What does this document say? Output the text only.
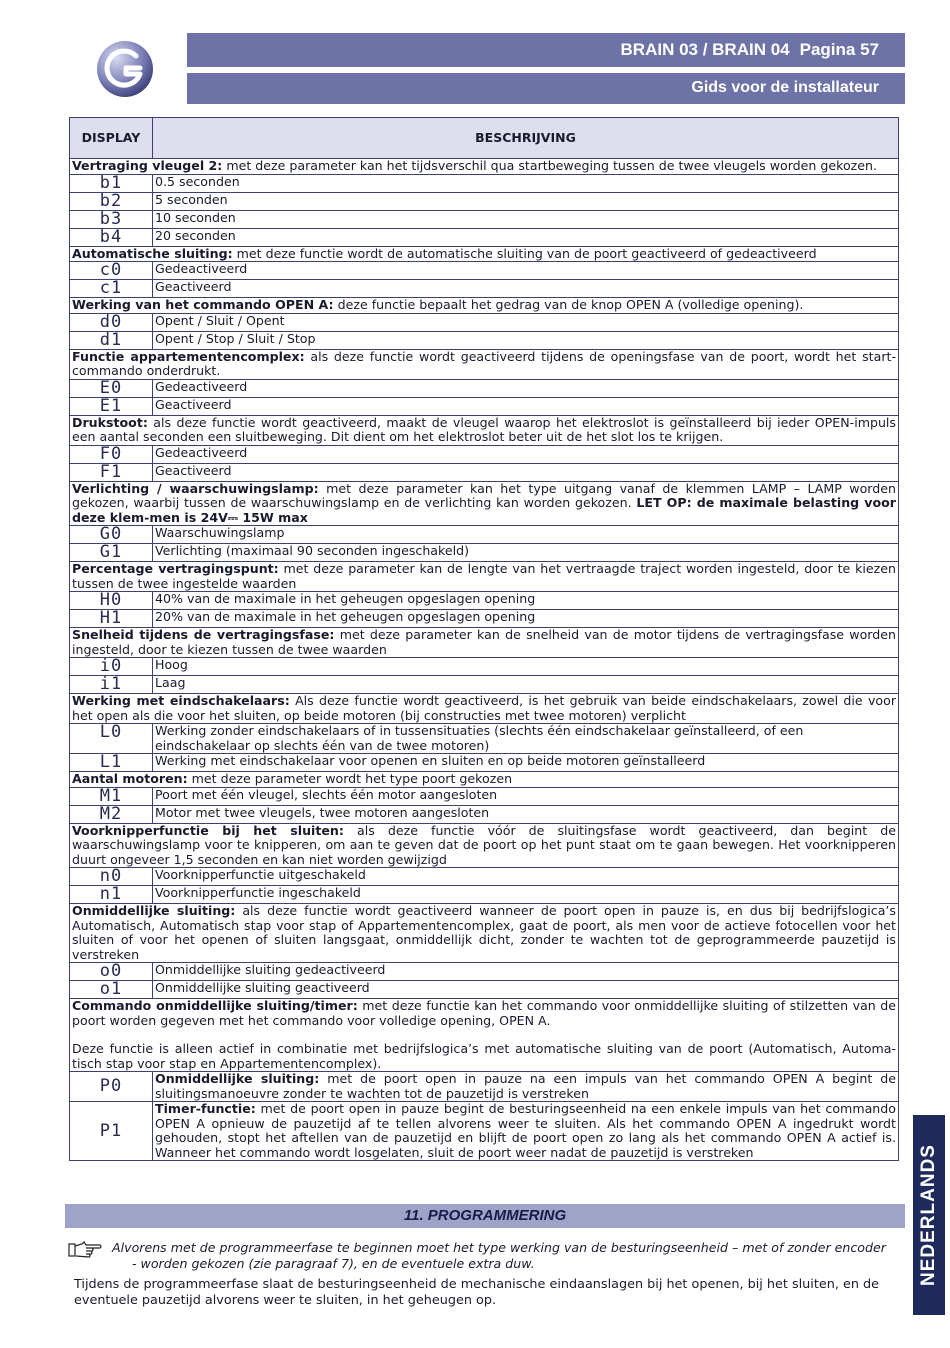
BRAIN 03 / BRAIN 04 Pagina 57
Gids voor de installateur
DISPLAY	BESCHRIJVING
Vertraging vleugel 2: met deze parameter kan het tijdsverschil qua startbeweging tussen de twee vleugels worden gekozen.	
b1	0.5 seconden
b2	5 seconden
b3	10 seconden
b4	20 seconden
Automatische sluiting: met deze functie wordt de automatische sluiting van de poort geactiveerd of gedeactiveerd	
c0	Gedeactiveerd
c1	Geactiveerd
Werking van het commando OPEN A: deze functie bepaalt het gedrag van de knop OPEN A (volledige opening).	
d0	Opent / Sluit / Opent
d1	Opent / Stop / Sluit / Stop
Functie appartementencomplex: als deze functie wordt geactiveerd tijdens de openingsfase van de poort, wordt het start-commando onderdrukt.	
E0	Gedeactiveerd
E1	Geactiveerd
Drukstoot: als deze functie wordt geactiveerd, maakt de vleugel waarop het elektroslot is geïnstalleerd bij ieder OPEN-impuls een aantal seconden een sluitbeweging. Dit dient om het elektroslot beter uit de het slot los te krijgen.	
F0	Gedeactiveerd
F1	Geactiveerd
Verlichting / waarschuwingslamp: met deze parameter kan het type uitgang vanaf de klemmen LAMP – LAMP worden gekozen, waarbij tussen de waarschuwingslamp en de verlichting kan worden gekozen. LET OP: de maximale belasting voor deze klem-men is 24V⎓ 15W max	
G0	Waarschuwingslamp
G1	Verlichting (maximaal 90 seconden ingeschakeld)
Percentage vertragingspunt: met deze parameter kan de lengte van het vertraagde traject worden ingesteld, door te kiezen tussen de twee ingestelde waarden	
H0	40% van de maximale in het geheugen opgeslagen opening
H1	20% van de maximale in het geheugen opgeslagen opening
Snelheid tijdens de vertragingsfase: met deze parameter kan de snelheid van de motor tijdens de vertragingsfase worden ingesteld, door te kiezen tussen de twee waarden	
i0	Hoog
i1	Laag
Werking met eindschakelaars: Als deze functie wordt geactiveerd, is het gebruik van beide eindschakelaars, zowel die voor het open als die voor het sluiten, op beide motoren (bij constructies met twee motoren) verplicht	
L0	Werking zonder eindschakelaars of in tussensituaties (slechts één eindschakelaar geïnstalleerd, of een eindschakelaar op slechts één van de twee motoren)
L1	Werking met eindschakelaar voor openen en sluiten en op beide motoren geïnstalleerd
Aantal motoren: met deze parameter wordt het type poort gekozen	
M1	Poort met één vleugel, slechts één motor aangesloten
M2	Motor met twee vleugels, twee motoren aangesloten
Voorknipperfunctie bij het sluiten: als deze functie vóór de sluitingsfase wordt geactiveerd, dan begint de waarschuwingslamp voor te knipperen, om aan te geven dat de poort op het punt staat om te gaan bewegen. Het voorknipperen duurt ongeveer 1,5 seconden en kan niet worden gewijzigd	
n0	Voorknipperfunctie uitgeschakeld
n1	Voorknipperfunctie ingeschakeld
Onmiddellijke sluiting: als deze functie wordt geactiveerd wanneer de poort open in pauze is, en dus bij bedrijfslogica’s Automatisch, Automatisch stap voor stap of Appartementencomplex, gaat de poort, als men voor de actieve fotocellen voor het sluiten of voor het openen of sluiten langsgaat, onmiddellijk dicht, zonder te wachten tot de geprogrammeerde pauzetijd is verstreken	
o0	Onmiddellijke sluiting gedeactiveerd
o1	Onmiddellijke sluiting geactiveerd
Commando onmiddellijke sluiting/timer: met deze functie kan het commando voor onmiddellijke sluiting of stilzetten van de poort worden gegeven met het commando voor volledige opening, OPEN A.
Deze functie is alleen actief in combinatie met bedrijfslogica’s met automatische sluiting van de poort (Automatisch, Automa-tisch stap voor stap en Appartementencomplex).	
P0	Onmiddellijke sluiting: met de poort open in pauze na een impuls van het commando OPEN A begint de sluitingsmanoeuvre zonder te wachten tot de pauzetijd is verstreken
P1	Timer-functie: met de poort open in pauze begint de besturingseenheid na een enkele impuls van het commando OPEN A opnieuw de pauzetijd af te tellen alvorens weer te sluiten. Als het commando OPEN A ingedrukt wordt gehouden, stopt het aftellen van de pauzetijd en blijft de poort open zo lang als het commando OPEN A actief is. Wanneer het commando wordt losgelaten, sluit de poort weer nadat de pauzetijd is verstreken
11. PROGRAMMERING
Alvorens met de programmeerfase te beginnen moet het type werking van de besturingseenheid – met of zonder encoder
- worden gekozen (zie paragraaf 7), en de eventuele extra duw.
Tijdens de programmeerfase slaat de besturingseenheid de mechanische eindaanslagen bij het openen, bij het sluiten, en de eventuele pauzetijd alvorens weer te sluiten, in het geheugen op.
NEDERLANDS
